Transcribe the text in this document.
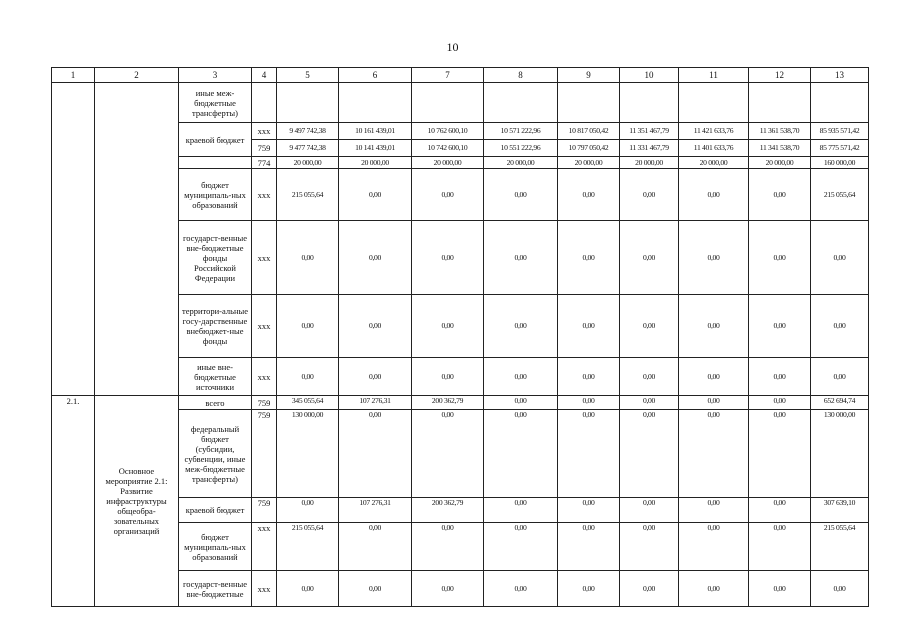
10
1	2	3	4	5	6	7	8	9	10	11	12	13
		иные меж-
бюджетные
трансферты)										
		краевой бюджет	ххх	9 497 742,38	10 161 439,01	10 762 600,10	10 571 222,96	10 817 050,42	11 351 467,79	11 421 633,76	11 361 538,70	85 935 571,42
			759	9 477 742,38	10 141 439,01	10 742 600,10	10 551 222,96	10 797 050,42	11 331 467,79	11 401 633,76	11 341 538,70	85 775 571,42
			774	20 000,00	20 000,00	20 000,00	20 000,00	20 000,00	20 000,00	20 000,00	20 000,00	160 000,00
		бюджет муниципаль-ных образований	ххх	215 055,64	0,00	0,00	0,00	0,00	0,00	0,00	0,00	215 055,64
		государст-венные вне-бюджетные фонды Российской Федерации	ххх	0,00	0,00	0,00	0,00	0,00	0,00	0,00	0,00	0,00
		территори-альные госу-дарственные внебюджет-ные фонды	ххх	0,00	0,00	0,00	0,00	0,00	0,00	0,00	0,00	0,00
		иные вне-бюджетные источники	ххх	0,00	0,00	0,00	0,00	0,00	0,00	0,00	0,00	0,00

2.1.	Основное мероприятие 2.1: Развитие инфраструктуры общеобра-зовательных организаций	всего	759	345 055,64	107 276,31	200 362,79	0,00	0,00	0,00	0,00	0,00	652 694,74
		федеральный бюджет (субсидии, субвенции, иные меж-бюджетные трансферты)	759	130 000,00	0,00	0,00	0,00	0,00	0,00	0,00	0,00	130 000,00
		краевой бюджет	759	0,00	107 276,31	200 362,79	0,00	0,00	0,00	0,00	0,00	307 639,10
		бюджет муниципаль-ных образований	ххх	215 055,64	0,00	0,00	0,00	0,00	0,00	0,00	0,00	215 055,64
		государст-венные вне-бюджетные	ххх	0,00	0,00	0,00	0,00	0,00	0,00	0,00	0,00	0,00
